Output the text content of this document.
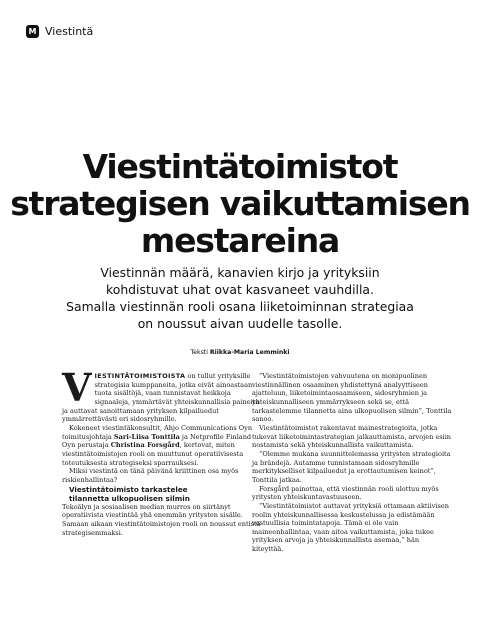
M Viestintä
Viestintätoimistot
strategisen vaikuttamisen
mestareina
Viestinnän määrä, kanavien kirjo ja yrityksiin
kohdistuvat uhat ovat kasvaneet vauhdilla.
Samalla viestinnän rooli osana liiketoiminnan strategiaa
on noussut aivan uudelle tasolle.
Teksti Riikka-Maria Lemminki

VIESTINTÄTOIMISTOISTA on tullut yrityksille strategisia kumppaneita, jotka eivät ainoastaan tuota sisältöjä, vaan tunnistavat heikkoja signaaleja, ymmärtävät yhteiskunnallisia paineita ja auttavat sanoittamaan yrityksen kilpailuedut ymmärrettävästi eri sidosryhmille.

Kokeneet viestintäkonsultit, Ahjo Communications Oyn toimitusjohtaja Sari-Liisa Tonttila ja Netprofile Finland Oyn perustaja Christina Forsgård, kertovat, miten viestintätoimistojen rooli on muuttunut operatiivisesta toteutuksesta strategiseksi sparrauksesi.

Miksi viestintä on tänä päivänä kriittinen osa myös riskienhallintaa?

Viestintätoimisto tarkastelee
tilannetta ulkopuolisen silmin

Tekoälyn ja sosiaalisen median murros on siirtänyt operatiivista viestintää yhä enemmän yritysten sisälle. Samaan aikaan viestintätoimistojen rooli on noussut entistä strategisemmaksi.

”Viestintätoimistojen vahvuutena on monipuolinen viestinnällinen osaaminen yhdistettynä analyyttiseen ajatteluun, liiketoimintaosaamiseen, sidosryhmien ja yhteiskunnalliseen ymmärrykseen sekä se, että tarkastelemme tilannetta aina ulkopuolisen silmin”, Tonttila sanoo.

Viestintätoimistot rakentavat mainestrategioita, jotka tukevat liiketoimintastrategian jalkauttamista, arvojen esiin nostamista sekä yhteiskunnallista vaikuttamista.

”Olemme mukana suunnittelemassa yritysten strategioita ja brändejä. Autamme tunnistamaan sidosryhmille merkitykselliset kilpailuedut ja erottautumisen keinot”, Tonttila jatkaa.

Forsgård painottaa, että viestinnän rooli ulottuu myös yritysten yhteiskuntavastuuseen.

”Viestintätoimistot auttavat yrityksiä ottamaan aktiivisen roolin yhteiskunnallisessa keskustelussa ja edistämään vastuullisia toimintatapoja. Tämä ei ole vain maineenhallintaa, vaan aitoa vaikuttamista, joka tukee yrityksen arvoja ja yhteiskunnallista asemaa,” hän kiteyttää.
